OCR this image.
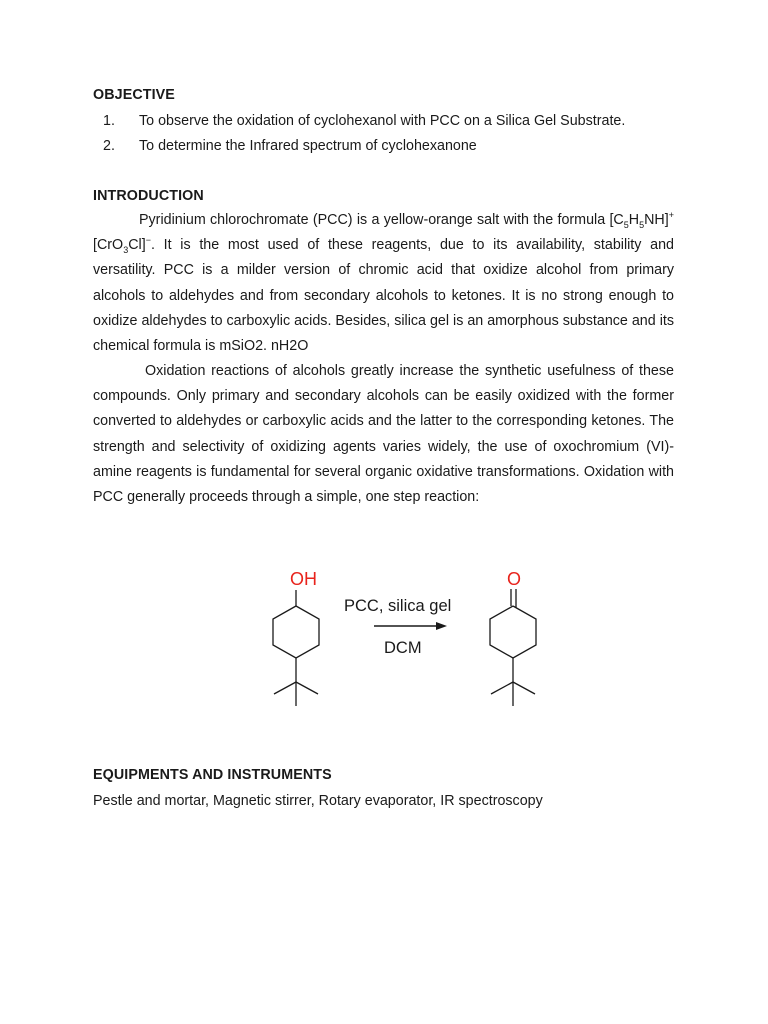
OBJECTIVE
1. To observe the oxidation of cyclohexanol with PCC on a Silica Gel Substrate.
2. To determine the Infrared spectrum of cyclohexanone
INTRODUCTION

Pyridinium chlorochromate (PCC) is a yellow-orange salt with the formula $[C_5H_5NH]^+$ [CrO$_3$Cl]−. It is the most used of these reagents, due to its availability, stability and versatility. PCC is a milder version of chromic acid that oxidize alcohol from primary alcohols to aldehydes and from secondary alcohols to ketones. It is no strong enough to oxidize aldehydes to carboxylic acids. Besides, silica gel is an amorphous substance and its chemical formula is mSiO2. nH2O

Oxidation reactions of alcohols greatly increase the synthetic usefulness of these compounds. Only primary and secondary alcohols can be easily oxidized with the former converted to aldehydes or carboxylic acids and the latter to the corresponding ketones. The strength and selectivity of oxidizing agents varies widely, the use of oxochromium (VI)-amine reagents is fundamental for several organic oxidative transformations. Oxidation with PCC generally proceeds through a simple, one step reaction:

EQUIPMENTS AND INSTRUMENTS
Pestle and mortar, Magnetic stirrer, Rotary evaporator, IR spectroscopy
OH
PCC, silica gel
DCM
O
